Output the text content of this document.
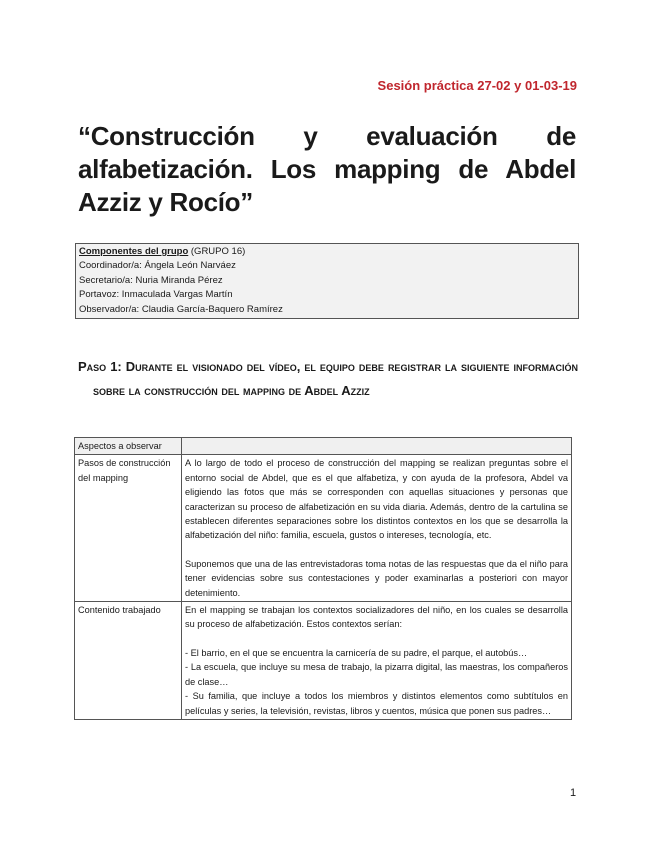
Sesión práctica 27-02 y 01-03-19
“Construcción y evaluación de alfabetización. Los mapping de Abdel Azziz y Rocío”
Componentes del grupo (GRUPO 16)
Coordinador/a: Ángela León Narváez
Secretario/a: Nuria Miranda Pérez
Portavoz: Inmaculada Vargas Martín
Observador/a: Claudia García-Baquero Ramírez
Paso 1: Durante el visionado del vídeo, el equipo debe registrar la siguiente información sobre la construcción del mapping de Abdel Azziz
Aspectos a observar	
Pasos de construcción del mapping	A lo largo de todo el proceso de construcción del mapping se realizan preguntas sobre el entorno social de Abdel, que es el que alfabetiza, y con ayuda de la profesora, Abdel va eligiendo las fotos que más se corresponden con aquellas situaciones y personas que caracterizan su proceso de alfabetización en su vida diaria. Además, dentro de la cartulina se establecen diferentes separaciones sobre los distintos contextos en los que se desarrolla la alfabetización del niño: familia, escuela, gustos o intereses, tecnología, etc.

Suponemos que una de las entrevistadoras toma notas de las respuestas que da el niño para tener evidencias sobre sus contestaciones y poder examinarlas a posteriori con mayor detenimiento.

Contenido trabajado	En el mapping se trabajan los contextos socializadores del niño, en los cuales se desarrolla su proceso de alfabetización. Estos contextos serían:

- El barrio, en el que se encuentra la carnicería de su padre, el parque, el autobús…

- La escuela, que incluye su mesa de trabajo, la pizarra digital, las maestras, los compañeros de clase…

- Su familia, que incluye a todos los miembros y distintos elementos como subtítulos en películas y series, la televisión, revistas, libros y cuentos, música que ponen sus padres…

1
